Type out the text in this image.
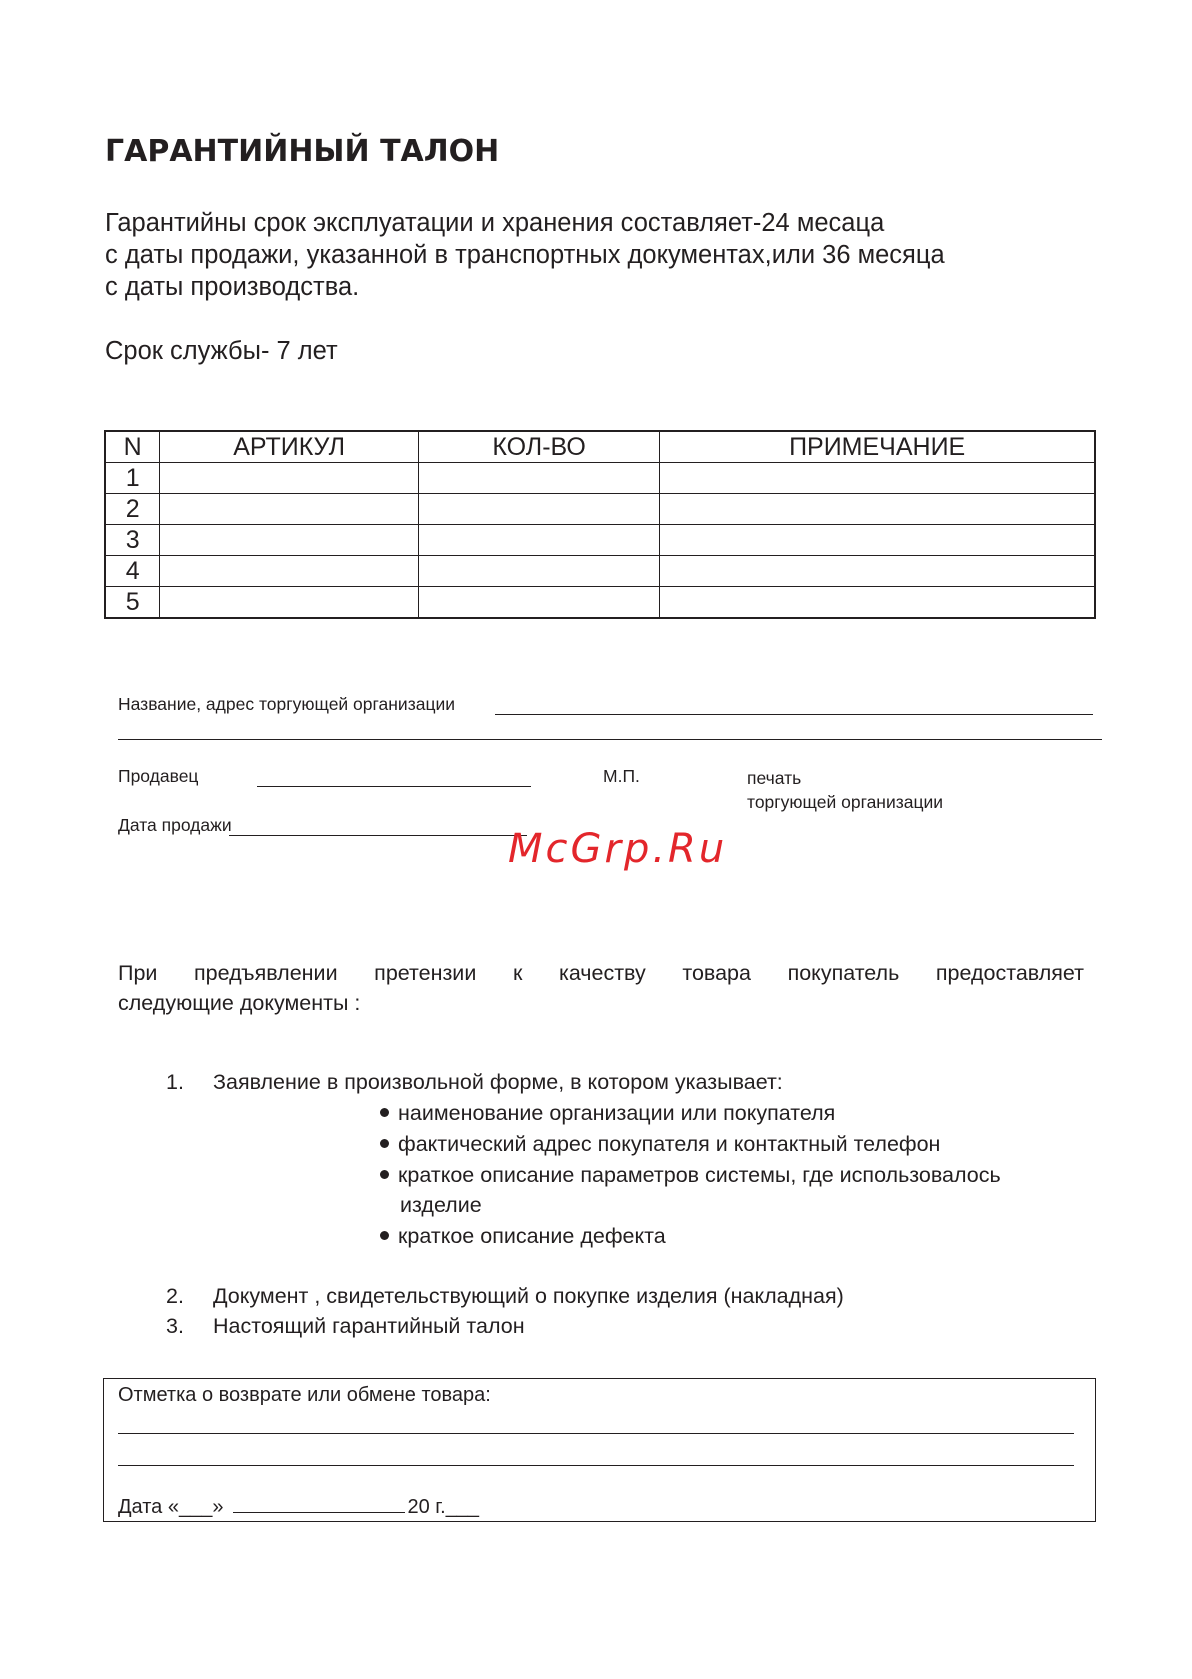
ГАРАНТИЙНЫЙ ТАЛОН
Гарантийны срок эксплуатации и хранения составляет-24 месаца
с даты продажи, указанной в транспортных документах,или 36 месяца
с даты производства.
Срок службы- 7 лет
N	АРТИКУЛ	КОЛ-ВО	ПРИМЕЧАНИЕ
1			
2			
3			
4			
5			
Название, адрес торгующей организации
Продавец	М.П.	печать
торгующей организации
Дата продажи
McGrp.Ru
При предъявлении претензии к качеству товара покупатель предоставляет
следующие документы :
1. Заявление в произвольной форме, в котором указывает:
наименование организации или покупателя
фактический адрес покупателя и контактный телефон
краткое описание параметров системы, где использовалось
изделие
краткое описание дефекта
2. Документ , свидетельствующий о покупке изделия (накладная)
3. Настоящий гарантийный талон
Отметка о возврате или обмене товара:
Дата «___»	20 г.___
